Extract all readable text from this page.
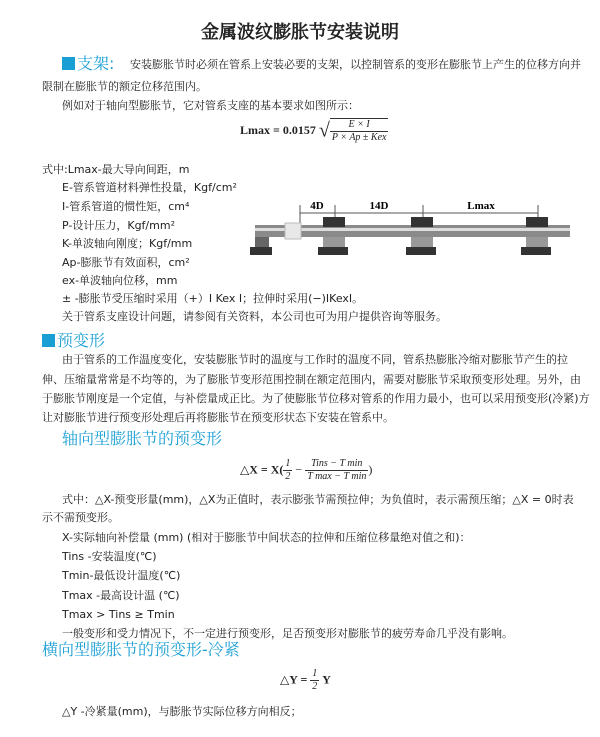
金属波纹膨胀节安装说明
支架: 安装膨胀节时必须在管系上安装必要的支架，以控制管系的变形在膨胀节上产生的位移方向并
限制在膨胀节的额定位移范围内。
例如对于轴向型膨胀节，它对管系支座的基本要求如图所示：
Lmax = 0.0157 √ $\frac{E \times I}{\text{P × Ap ± Kex}}$
式中:Lmax-最大导向间距，m
E-管系管道材料弹性投量，Kgf/cm²
I-管系管道的惯性矩，cm⁴
P-设计压力，Kgf/mm²
K-单波轴向刚度；Kgf/mm
Ap-膨胀节有效面积，cm²
ex-单波轴向位移，mm
± -膨胀节受压缩时采用（+）I Kex I；拉伸时采用(−)IKexI。
关于管系支座设计问题，请参阅有关资料，本公司也可为用户提供咨询等服务。
4D	14D	Lmax
预变形
由于管系的工作温度变化，安装膨胀节时的温度与工作时的温度不同，管系热膨胀冷缩对膨胀节产生的拉
伸、压缩量常常是不均等的，为了膨胀节变形范围控制在额定范围内，需要对膨胀节采取预变形处理。另外，由
于膨胀节刚度是一个定值，与补偿量成正比。为了使膨胀节位移对管系的作用力最小，也可以采用预变形(冷紧)方
让对膨胀节进行预变形处理后再将膨胀节在预变形状态下安装在管系中。
轴向型膨胀节的预变形
△X = $X( \frac{1}{2} - \frac{\text{Tins − T min}}{\text{T max − T min}}$ )
式中：△X-预变形量(mm)，△X为正值时，表示膨张节需预拉伸；为负值时，表示需预压缩；△X = 0时表
示不需预变形。
X-实际轴向补偿量 (mm) (相对于膨胀节中间状态的拉伸和压缩位移量绝对值之和)：
Tins -安装温度(℃)
Tmin-最低设计温度(℃)
Tmax -最高设计温 (℃)
Tmax > Tins ≥ Tmin
一般变形和受力情况下，不一定进行预变形，足否预变形对膨胀节的疲劳寿命几乎没有影响。
横向型膨胀节的预变形-冷紧
△Y = $\frac{1}{2}$ Y
△Y -冷紧量(mm)，与膨胀节实际位移方向相反；
